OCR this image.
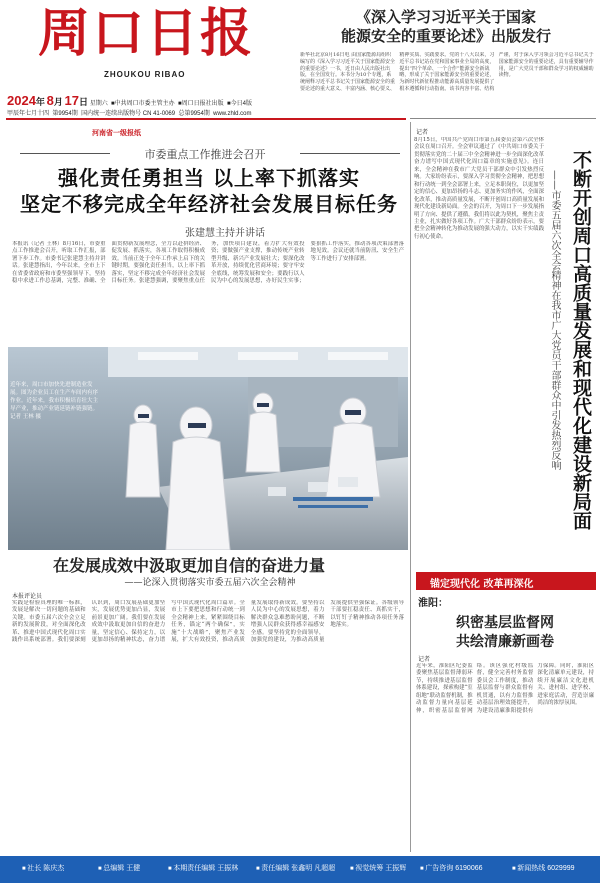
周口日报
ZHOUKOU RIBAO
《深入学习习近平关于国家
能源安全的重要论述》出版发行
新华社北京8月16日电 由国家能源局组织编写的《深入学习习近平关于国家能源安全的重要论述》一书，近日由人民出版社出版，在全国发行。本书分为10个专题，系统阐释习近平总书记关于国家能源安全的重要论述的重大意义、丰富内涵、核心要义、精神实质、实践要求。党的十八大以来，习近平总书记站在党和国家事业全局的高度，提出“四个革命、一个合作”能源安全新战略，形成了关于国家能源安全的重要论述，为新时代新征程推动能源高质量发展提供了根本遵循和行动指南。该书内容丰富、结构严谨，对于深入学习领会习近平总书记关于国家能源安全的重要论述，具有重要辅导作用，是广大党员干部和群众学习的权威辅助读物。
2024年 8月 17日 星期六  ■中共周口市委主管主办  ■周口日报社出版  ■今日4版
甲辰年七月十四 第9954期 国内统一连续出版物号 CN 41-0069 总第9954期 www.zhld.com
河南省一级报纸
市委重点工作推进会召开
强化责任勇担当 以上率下抓落实
坚定不移完成全年经济社会发展目标任务
张建慧主持并讲话
本报讯（记者 王林）8月16日，市委重点工作推进会召开，听取工作汇报，部署下步工作。市委书记张建慧主持并讲话。张建慧指出，今年以来，全市上下在省委省政府和市委坚强领导下，坚持稳中求进工作总基调，完整、准确、全面贯彻新发展理念，全力以赴拼经济、促发展、抓落实，各项工作取得积极成效。当前正处于全年工作承上启下的关键时期，要强化责任担当，以上率下抓落实，坚定不移完成全年经济社会发展目标任务。张建慧强调，要聚焦重点任务，加快项目建设，着力扩大有效投资；要做强产业支撑，推动传统产业转型升级、新兴产业发展壮大；要深化改革开放，持续优化营商环境；要守牢安全底线，统筹发展和安全；要践行以人民为中心的发展思想，办好民生实事；要狠抓工作落实，推动各项决策部署落地见效。会议还就当前防汛、安全生产等工作进行了安排部署。
近年来，周口市加快先进制造业发展。图为企业员工在生产车间内有序作业。近年来，我市积极培育壮大主导产业，推动产业链延链补链强链。记者 王林 摄
在发展成效中汲取更加自信的奋进力量
——论深入贯彻落实市委五届六次全会精神
本报评论员
实践是检验真理的唯一标准，发展是解决一切问题的基础和关键。市委五届六次全会立足新的发展阶段，对全面深化改革、推进中国式现代化周口实践作出系统部署。我们要深刻认识到，周口发展基础更加坚实，发展优势更加凸显，发展前景更加广阔。我们要在发展成效中汲取更加自信的奋进力量，坚定信心、保持定力，以更加昂扬的精神状态，奋力谱写中国式现代化周口篇章。全市上下要把思想和行动统一到全会精神上来，紧紧围绕目标任务，锚定“两个确保”，实施“十大战略”，聚焦产业发展，扩大有效投资，推动高质量发展取得新成效。要坚持以人民为中心的发展思想，着力解决群众急难愁盼问题，不断增强人民群众获得感幸福感安全感。要坚持党的全面领导，加强党的建设，为推动高质量发展提供坚强保证。各级领导干部要扛稳责任、真抓实干，以钉钉子精神推动各项任务落地落实。
记者
8月15日，中国共产党周口市第五届委员会第六次全体会议在周口召开。全会审议通过了《中共周口市委关于贯彻落实党的二十届三中全会精神进一步全面深化改革奋力谱写中国式现代化周口篇章的实施意见》。连日来，全会精神在我市广大党员干部群众中引发热烈反响。大家纷纷表示，要深入学习贯彻全会精神，把思想和行动统一到全会部署上来，立足本职岗位，以更加坚定的信心、更加昂扬的斗志、更加务实的作风，全面深化改革，推动高质量发展，不断开创周口高质量发展和现代化建设新局面。全会的召开，为周口下一步发展指明了方向、提供了遵循，我们将以此为契机，聚焦主责主业，扎实做好各项工作。广大干部群众纷纷表示，要把全会精神转化为推动发展的强大动力，以实干实绩践行初心使命。	不断开创周口高质量发展和现代化建设新局面
——市委五届六次全会精神在我市广大党员干部群众中引发热烈反响
锚定现代化 改革再深化
淮阳：
织密基层监督网
共绘清廉新画卷
记者
近年来，淮阳区纪委监委聚焦基层监督薄弱环节，持续推进基层监督体系建设，探索构建“室组地”联动监督机制，推动监督力量向基层延伸，织密基层监督网络。该区强化村级监督，健全完善村务监督委员会工作制度，推动基层监督与群众监督有机贯通，以有力监督推动基层治理效能提升，为建设清廉淮阳提供有力保障。同时，淮阳区深化清廉单元建设，持续开展廉洁文化进机关、进村组、进学校、进家庭活动，营造崇廉尚洁的浓厚氛围。
■ 社长 陈庆杰	■ 总编辑 王健	■ 本期责任编辑 王振林	■ 责任编辑 张鑫明 凡超超	■ 视觉统筹 王振辉	■ 广告咨询 6190066	■ 新闻热线 6029999
